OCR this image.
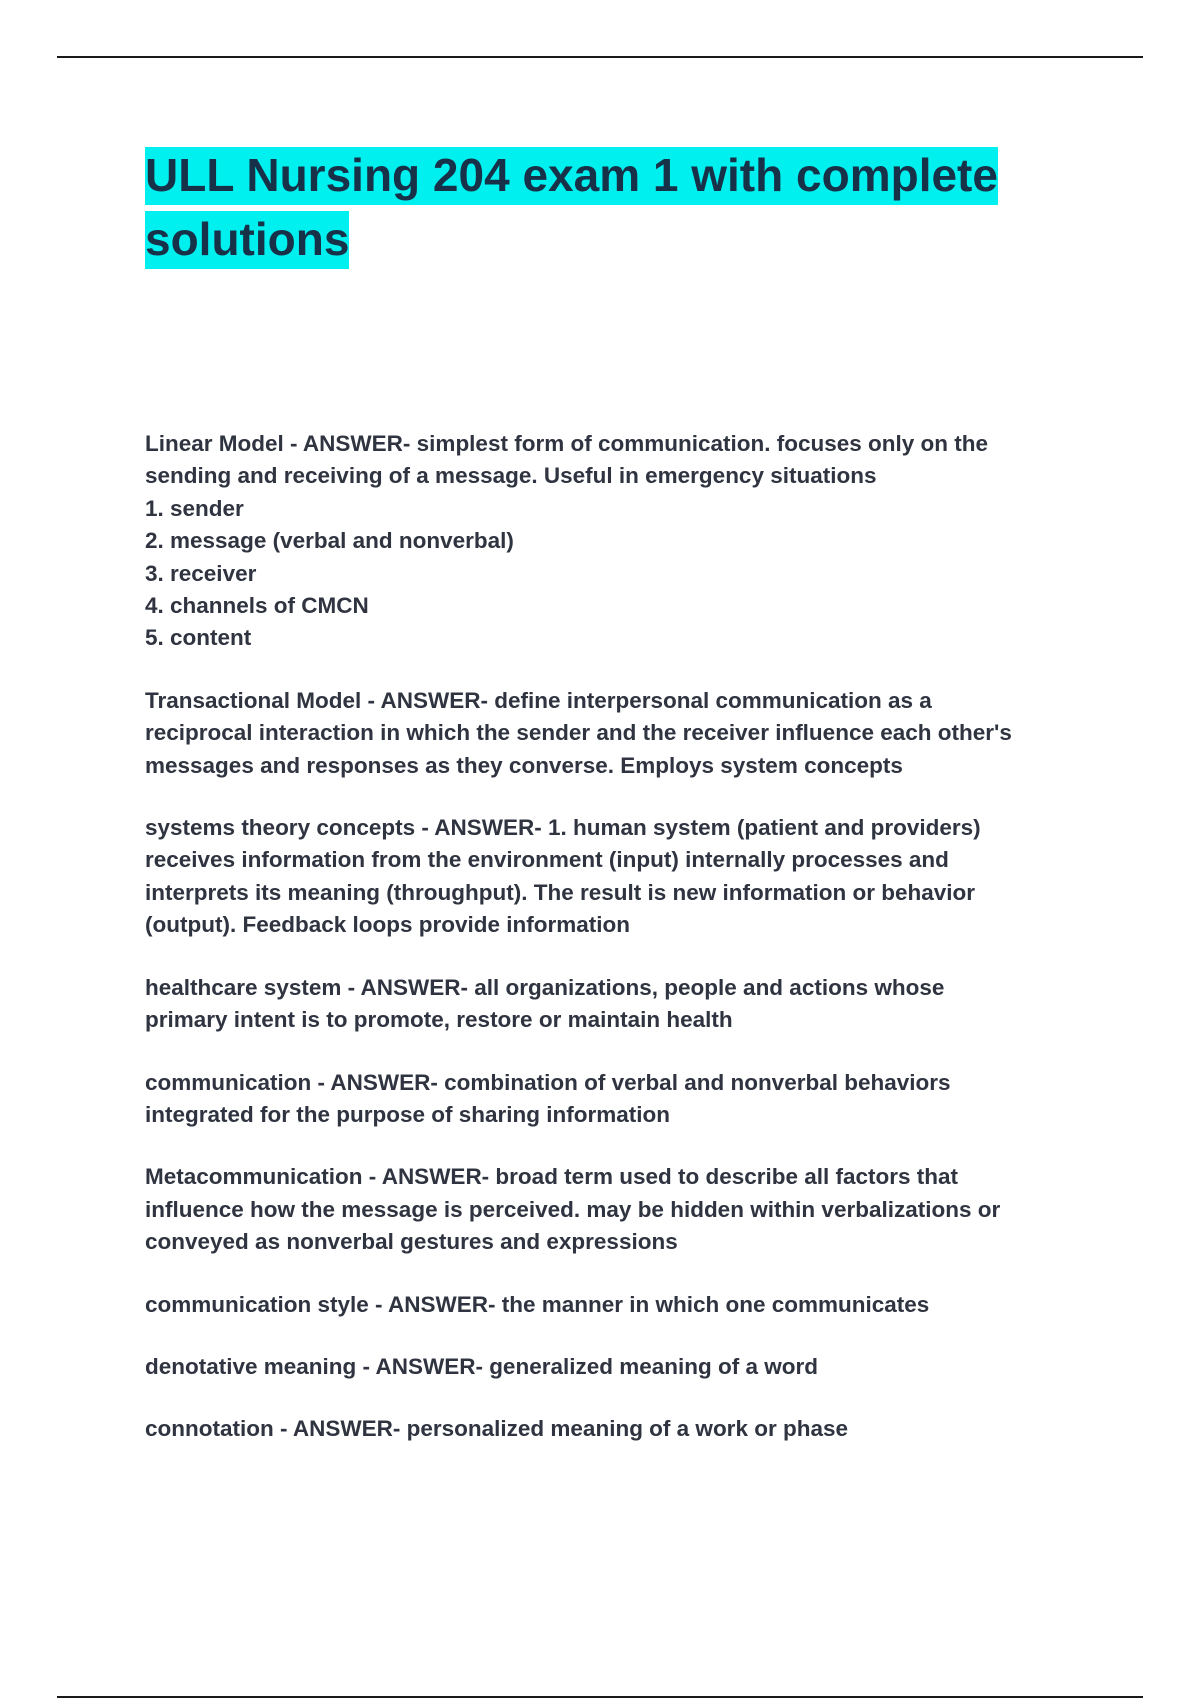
ULL Nursing 204 exam 1 with complete
solutions
Linear Model - ANSWER- simplest form of communication. focuses only on the
sending and receiving of a message. Useful in emergency situations
1. sender
2. message (verbal and nonverbal)
3. receiver
4. channels of CMCN
5. content
Transactional Model - ANSWER- define interpersonal communication as a
reciprocal interaction in which the sender and the receiver influence each other's
messages and responses as they converse. Employs system concepts
systems theory concepts - ANSWER- 1. human system (patient and providers)
receives information from the environment (input) internally processes and
interprets its meaning (throughput). The result is new information or behavior
(output). Feedback loops provide information
healthcare system - ANSWER- all organizations, people and actions whose
primary intent is to promote, restore or maintain health
communication - ANSWER- combination of verbal and nonverbal behaviors
integrated for the purpose of sharing information
Metacommunication - ANSWER- broad term used to describe all factors that
influence how the message is perceived. may be hidden within verbalizations or
conveyed as nonverbal gestures and expressions
communication style - ANSWER- the manner in which one communicates
denotative meaning - ANSWER- generalized meaning of a word
connotation - ANSWER- personalized meaning of a work or phase
